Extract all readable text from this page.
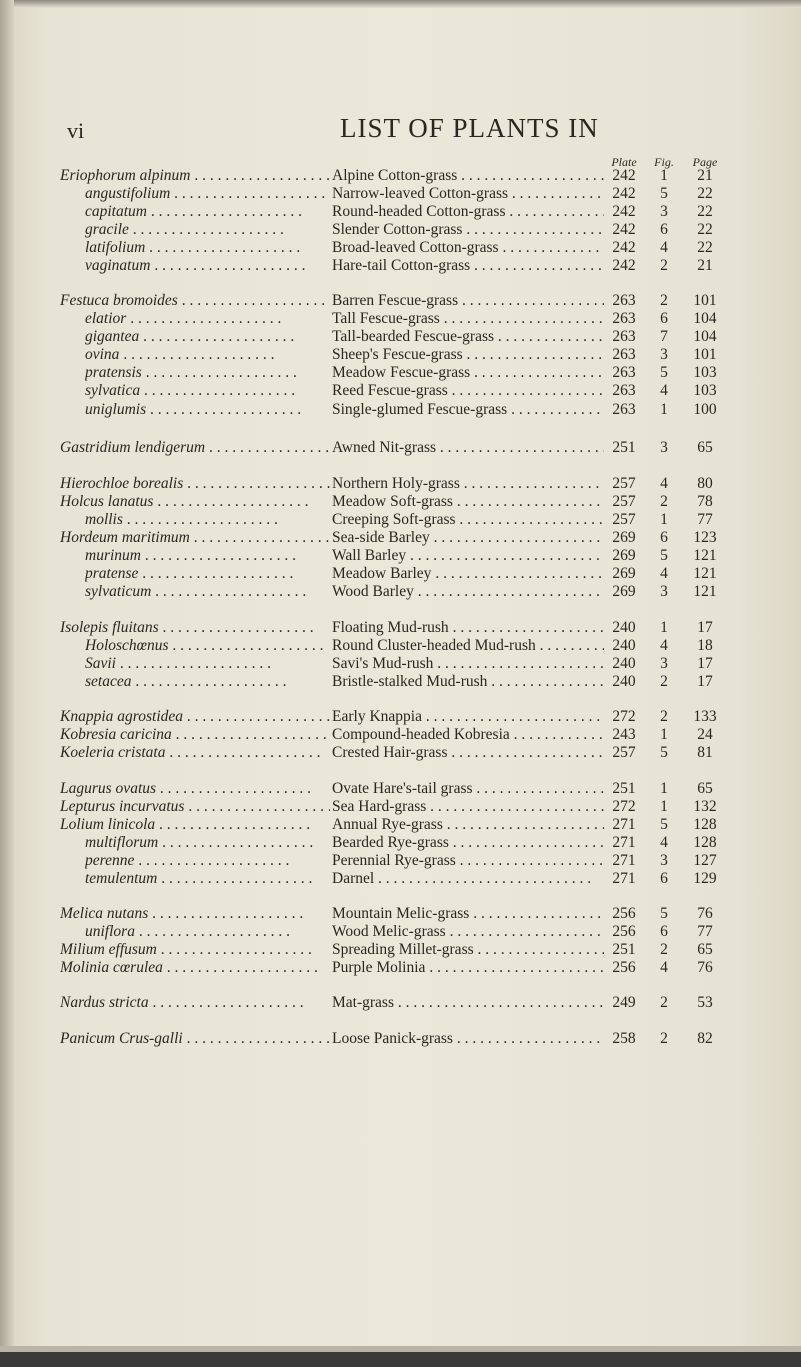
vi	LIST OF PLANTS IN
Plate	Fig.	Page
Eriophorum alpinum . . .	Alpine Cotton-grass . . .	242	1	21
angustifolium . . .	Narrow-leaved Cotton-grass . . .	242	5	22
capitatum . . .	Round-headed Cotton-grass . . .	242	3	22
gracile . . .	Slender Cotton-grass . . .	242	6	22
latifolium . . .	Broad-leaved Cotton-grass . . .	242	4	22
vaginatum . . .	Hare-tail Cotton-grass . . .	242	2	21
Festuca bromoides . . .	Barren Fescue-grass . . .	263	2	101
elatior . . .	Tall Fescue-grass . . .	263	6	104
gigantea . . .	Tall-bearded Fescue-grass . . .	263	7	104
ovina . . .	Sheep's Fescue-grass . . .	263	3	101
pratensis . . .	Meadow Fescue-grass . . .	263	5	103
sylvatica . . .	Reed Fescue-grass . . .	263	4	103
uniglumis . . .	Single-glumed Fescue-grass . . .	263	1	100
Gastridium lendigerum . . .	Awned Nit-grass . . .	251	3	65
Hierochloe borealis . . .	Northern Holy-grass . . .	257	4	80
Holcus lanatus . . .	Meadow Soft-grass . . .	257	2	78
mollis . . .	Creeping Soft-grass . . .	257	1	77
Hordeum maritimum . . .	Sea-side Barley . . .	269	6	123
murinum . . .	Wall Barley . . .	269	5	121
pratense . . .	Meadow Barley . . .	269	4	121
sylvaticum . . .	Wood Barley . . .	269	3	121
Isolepis fluitans . . .	Floating Mud-rush . . .	240	1	17
Holoschœnus . . .	Round Cluster-headed Mud-rush . . .	240	4	18
Savii . . .	Savi's Mud-rush . . .	240	3	17
setacea . . .	Bristle-stalked Mud-rush . . .	240	2	17
Knappia agrostidea . . .	Early Knappia . . .	272	2	133
Kobresia caricina . . .	Compound-headed Kobresia . . .	243	1	24
Koeleria cristata . . .	Crested Hair-grass . . .	257	5	81
Lagurus ovatus . . .	Ovate Hare's-tail grass . . .	251	1	65
Lepturus incurvatus . . .	Sea Hard-grass . . .	272	1	132
Lolium linicola . . .	Annual Rye-grass . . .	271	5	128
multiflorum . . .	Bearded Rye-grass . . .	271	4	128
perenne . . .	Perennial Rye-grass . . .	271	3	127
temulentum . . .	Darnel . . .	271	6	129
Melica nutans . . .	Mountain Melic-grass . . .	256	5	76
uniflora . . .	Wood Melic-grass . . .	256	6	77
Milium effusum . . .	Spreading Millet-grass . . .	251	2	65
Molinia cœrulea . . .	Purple Molinia . . .	256	4	76
Nardus stricta . . .	Mat-grass . . .	249	2	53
Panicum Crus-galli . . .	Loose Panick-grass . . .	258	2	82
